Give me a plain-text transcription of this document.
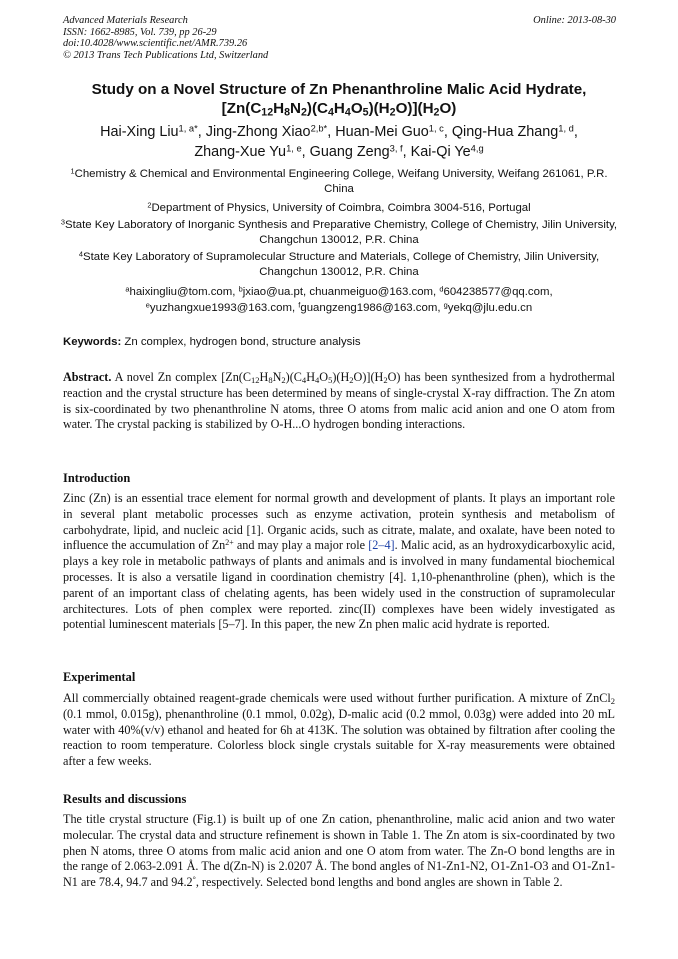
Advanced Materials Research
ISSN: 1662-8985, Vol. 739, pp 26-29
doi:10.4028/www.scientific.net/AMR.739.26
© 2013 Trans Tech Publications Ltd, Switzerland
Online: 2013-08-30
Study on a Novel Structure of Zn Phenanthroline Malic Acid Hydrate,
$[Zn(C_{12}H_8N_2)(C_4H_4O_5)(H_2O)](H_2O)$
Hai-Xing Liu$^{1, a*}$, Jing-Zhong Xiao$^{2,b*}$, Huan-Mei Guo$^{1, c}$, Qing-Hua Zhang$^{1, d}$,
Zhang-Xue Yu$^{1, e}$, Guang Zeng$^{3, f}$, Kai-Qi Ye$^{4,g}$
$^1$Chemistry & Chemical and Environmental Engineering College, Weifang University, Weifang 261061, P.R. China
$^2$Department of Physics, University of Coimbra, Coimbra 3004-516, Portugal
$^3$State Key Laboratory of Inorganic Synthesis and Preparative Chemistry, College of Chemistry, Jilin University, Changchun 130012, P.R. China
$^4$State Key Laboratory of Supramolecular Structure and Materials, College of Chemistry, Jilin University, Changchun 130012, P.R. China
$^a$haixingliu@tom.com, $^b$jxiao@ua.pt, chuanmeiguo@163.com, $^d$604238577@qq.com,
$^e$yuzhangxue1993@163.com, $^f$guangzeng1986@163.com, $^g$yekq@jlu.edu.cn
Keywords: Zn complex, hydrogen bond, structure analysis
Abstract. A novel Zn complex $[Zn(C_{12}H_8N_2)(C_4H_4O_5)(H_2O)](H_2O)$ has been synthesized from a hydrothermal reaction and the crystal structure has been determined by means of single-crystal X-ray diffraction. The Zn atom is six-coordinated by two phenanthroline N atoms, three O atoms from malic acid anion and one O atom from water. The crystal packing is stabilized by O-H...O hydrogen bonding interactions.
Introduction
Zinc (Zn) is an essential trace element for normal growth and development of plants. It plays an important role in several plant metabolic processes such as enzyme activation, protein synthesis and metabolism of carbohydrate, lipid, and nucleic acid [1]. Organic acids, such as citrate, malate, and oxalate, have been noted to influence the accumulation of $Zn^{2+}$ and may play a major role [2–4]. Malic acid, as an hydroxydicarboxylic acid, plays a key role in metabolic pathways of plants and animals and is involved in many fundamental biochemical processes. It is also a versatile ligand in coordination chemistry [4]. 1,10-phenanthroline (phen), which is the parent of an important class of chelating agents, has been widely used in the construction of supramolecular architectures. Lots of phen complex were reported. zinc(II) complexes have been widely investigated as potential luminescent materials [5–7]. In this paper, the new Zn phen malic acid hydrate is reported.
Experimental
All commercially obtained reagent-grade chemicals were used without further purification. A mixture of ZnCl$_2$ (0.1 mmol, 0.015g), phenanthroline (0.1 mmol, 0.02g), D-malic acid (0.2 mmol, 0.03g) were added into 20 mL water with 40%(v/v) ethanol and heated for 6h at 413K. The solution was obtained by filtration after cooling the reaction to room temperature. Colorless block single crystals suitable for X-ray measurements were obtained after a few weeks.
Results and discussions
The title crystal structure (Fig.1) is built up of one Zn cation, phenanthroline, malic acid anion and two water molecular. The crystal data and structure refinement is shown in Table 1. The Zn atom is six-coordinated by two phen N atoms, three O atoms from malic acid anion and one O atom from water. The Zn-O bond lengths are in the range of 2.063-2.091 Å. The d(Zn-N) is 2.0207 Å. The bond angles of N1-Zn1-N2, O1-Zn1-O3 and O1-Zn1-N1 are 78.4, 94.7 and 94.2°, respectively. Selected bond lengths and bond angles are shown in Table 2.
